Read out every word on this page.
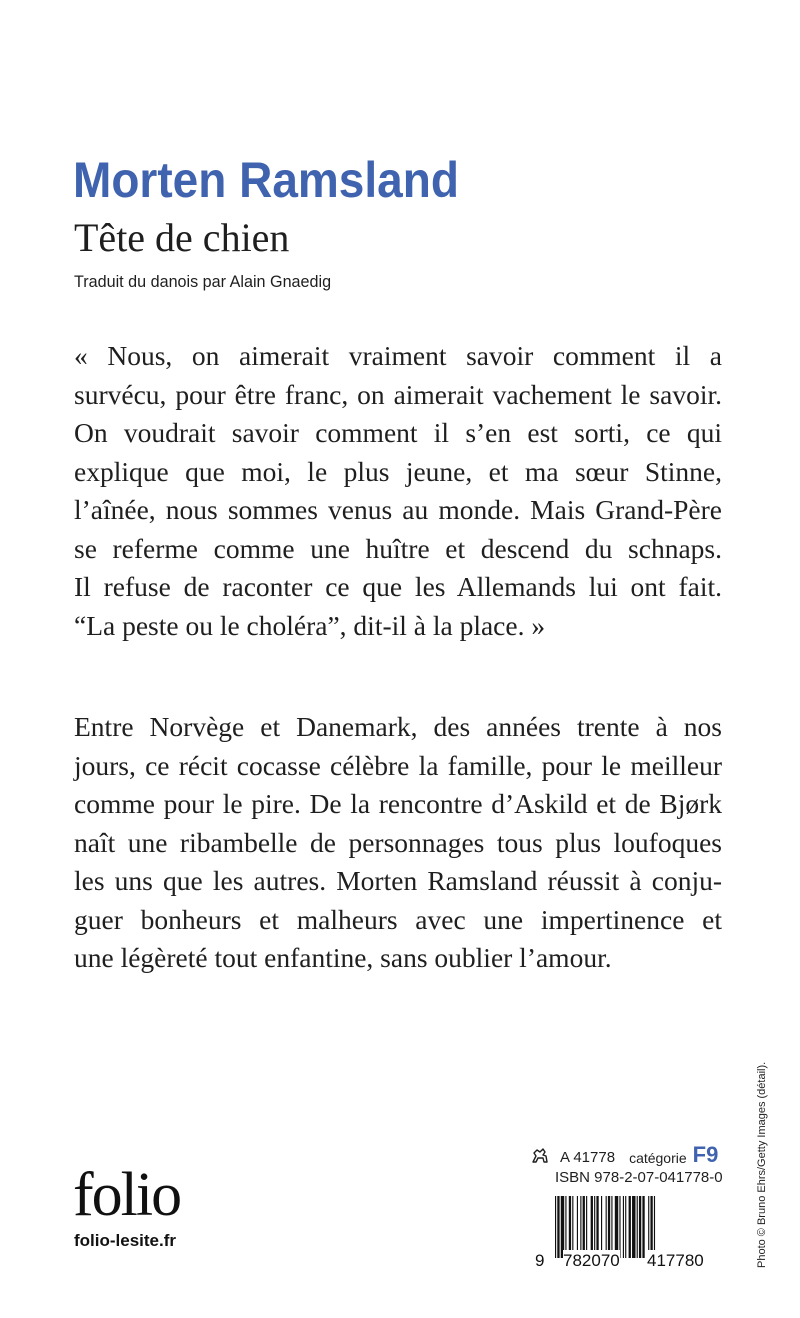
Morten Ramsland
Tête de chien
Traduit du danois par Alain Gnaedig
« Nous, on aimerait vraiment savoir comment il a
survécu, pour être franc, on aimerait vachement le savoir.
On voudrait savoir comment il s’en est sorti, ce qui
explique que moi, le plus jeune, et ma sœur Stinne,
l’aînée, nous sommes venus au monde. Mais Grand-Père
se referme comme une huître et descend du schnaps.
Il refuse de raconter ce que les Allemands lui ont fait.
“La peste ou le choléra”, dit-il à la place. »
Entre Norvège et Danemark, des années trente à nos
jours, ce récit cocasse célèbre la famille, pour le meilleur
comme pour le pire. De la rencontre d’Askild et de Bjørk
naît une ribambelle de personnages tous plus loufoques
les uns que les autres. Morten Ramsland réussit à conju-
guer bonheurs et malheurs avec une impertinence et
une légèreté tout enfantine, sans oublier l’amour.
Photo © Bruno Ehrs/Getty Images (détail).
folio
folio-lesite.fr
A 41778 catégorie F9
ISBN 978-2-07-041778-0
9 782070 417780
